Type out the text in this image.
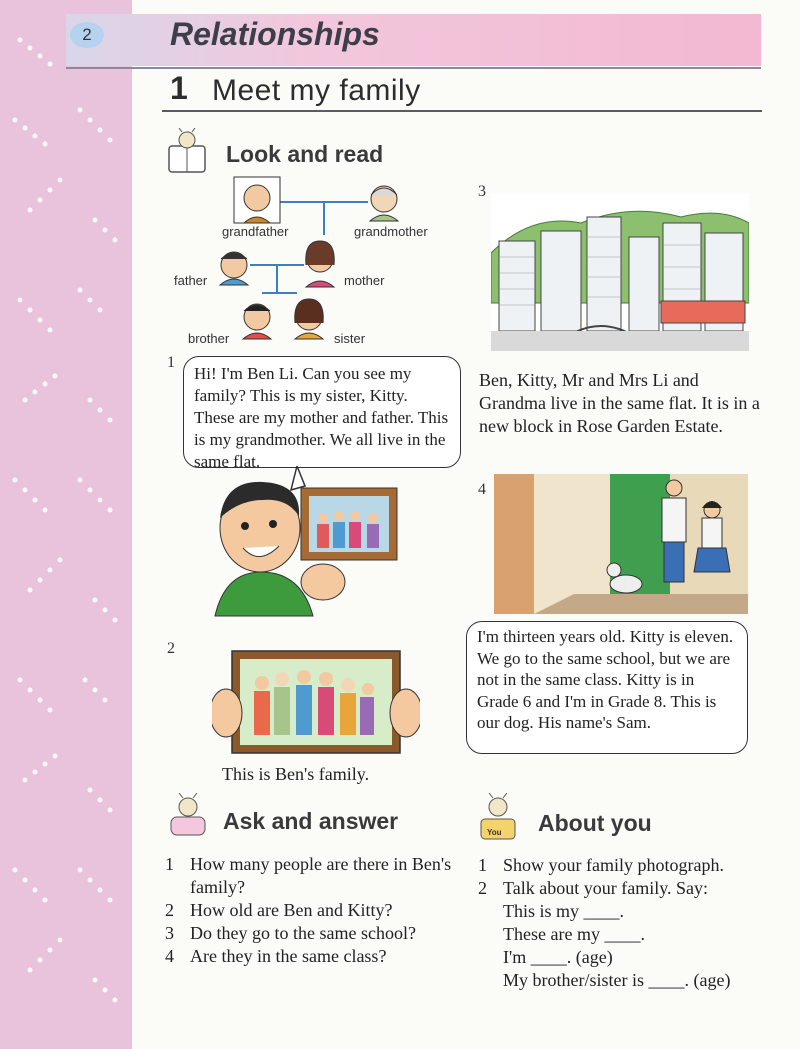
2	Relationships
1 Meet my family
Look and read
grandfather	grandmother
father	mother
brother	sister
1
Hi! I'm Ben Li. Can you see my family? This is my sister, Kitty. These are my mother and father. This is my grandmother. We all live in the same flat.
2
This is Ben's family.
3
Ben, Kitty, Mr and Mrs Li and Grandma live in the same flat. It is in a new block in Rose Garden Estate.
4
I'm thirteen years old. Kitty is eleven. We go to the same school, but we are not in the same class. Kitty is in Grade 6 and I'm in Grade 8. This is our dog. His name's Sam.
Ask and answer
1 How many people are there in Ben's family?
2 How old are Ben and Kitty?
3 Do they go to the same school?
4 Are they in the same class?
You About you
1 Show your family photograph.
2 Talk about your family. Say:
This is my ____.
These are my ____.
I'm ____. (age)
My brother/sister is ____. (age)
